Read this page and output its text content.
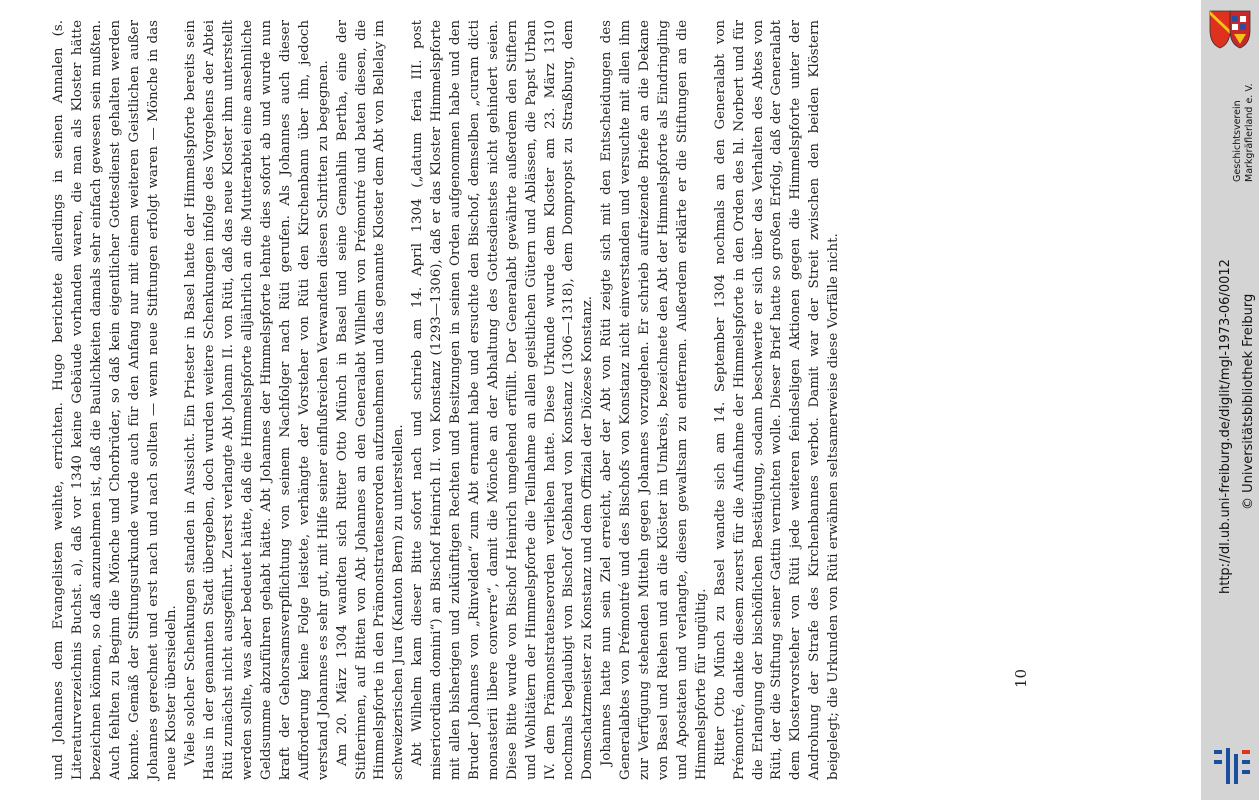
und Johannes dem Evangelisten weihte, errichten. Hugo berichtete allerdings in seinen Annalen (s. Literaturverzeichnis Buchst. a), daß vor 1340 keine Gebäude vorhanden waren, die man als Kloster hätte bezeichnen können, so daß anzunehmen ist, daß die Baulichkeiten damals sehr einfach gewesen sein mußten. Auch fehlten zu Beginn die Mönche und Chorbrüder, so daß kein eigentlicher Gottesdienst gehalten werden konnte. Gemäß der Stiftungsurkunde wurde auch für den Anfang nur mit einem weiteren Geistlichen außer Johannes gerechnet und erst nach und nach sollten — wenn neue Stiftungen erfolgt waren — Mönche in das neue Kloster übersiedeln. Viele solcher Schenkungen standen in Aussicht. Ein Priester in Basel hatte der Himmelspforte bereits sein Haus in der genannten Stadt übergeben, doch wurden weitere Schenkungen infolge des Vorgehens der Abtei Rüti zunächst nicht ausgeführt. Zuerst verlangte Abt Johann II. von Rüti, daß das neue Kloster ihm unterstellt werden sollte, was aber bedeutet hätte, daß die Himmelspforte alljährlich an die Mutterabtei eine ansehnliche Geldsumme abzuführen gehabt hätte. Abt Johannes der Himmelspforte lehnte dies sofort ab und wurde nun kraft der Gehorsamsverpflichtung von seinem Nachfolger nach Rüti gerufen. Als Johannes auch dieser Aufforderung keine Folge leistete, verhängte der Vorsteher von Rüti den Kirchenbann über ihn, jedoch verstand Johannes es sehr gut, mit Hilfe seiner einflußreichen Verwandten diesen Schritten zu begegnen. Am 20. März 1304 wandten sich Ritter Otto Münch in Basel und seine Gemahlin Bertha, eine der Stifterinnen, auf Bitten von Abt Johannes an den Generalabt Wilhelm von Prémontré und baten diesen, die Himmelspforte in den Prämonstratenserorden aufzunehmen und das genannte Kloster dem Abt von Bellelay im schweizerischen Jura (Kanton Bern) zu unterstellen. Abt Wilhelm kam dieser Bitte sofort nach und schrieb am 14. April 1304 („datum feria III. post misericordiam domini“) an Bischof Heinrich II. von Konstanz (1293—1306), daß er das Kloster Himmelspforte mit allen bisherigen und zukünftigen Rechten und Besitzungen in seinen Orden aufgenommen habe und den Bruder Johannes von „Rinvelden“ zum Abt ernannt habe und ersuchte den Bischof, demselben „curam dicti monasterii libere converre“, damit die Mönche an der Abhaltung des Gottesdienstes nicht gehindert seien. Diese Bitte wurde von Bischof Heinrich umgehend erfüllt. Der Generalabt gewährte außerdem den Stiftern und Wohltätern der Himmelspforte die Teilnahme an allen geistlichen Gütern und Ablässen, die Papst Urban IV. dem Prämonstratenserorden verliehen hatte. Diese Urkunde wurde dem Kloster am 23. März 1310 nochmals beglaubigt von Bischof Gebhard von Konstanz (1306—1318), dem Dompropst zu Straßburg, dem Domschatzmeister zu Konstanz und dem Offizial der Diözese Konstanz. Johannes hatte nun sein Ziel erreicht, aber der Abt von Rüti zeigte sich mit den Entscheidungen des Generalabtes von Prémontré und des Bischofs von Konstanz nicht einverstanden und versuchte mit allen ihm zur Verfügung stehenden Mitteln gegen Johannes vorzugehen. Er schrieb aufreizende Briefe an die Dekane von Basel und Riehen und an die Klöster im Umkreis, bezeichnete den Abt der Himmelspforte als Eindringling und Apostaten und verlangte, diesen gewaltsam zu entfernen. Außerdem erklärte er die Stiftungen an die Himmelspforte für ungültig. Ritter Otto Münch zu Basel wandte sich am 14. September 1304 nochmals an den Generalabt von Prémontré, dankte diesem zuerst für die Aufnahme der Himmelspforte in den Orden des hl. Norbert und für die Erlangung der bischöflichen Bestätigung, sodann beschwerte er sich über das Verhalten des Abtes von Rüti, der die Stiftung seiner Gattin vernichten wolle. Dieser Brief hatte so großen Erfolg, daß der Generalabt dem Klostervorsteher von Rüti jede weiteren feindseligen Aktionen gegen die Himmelspforte unter der Androhung der Strafe des Kirchenbannes verbot. Damit war der Streit zwischen den beiden Klöstern beigelegt; die Urkunden von Rüti erwähnen seltsamerweise diese Vorfälle nicht.	10
http://dl.ub.uni-freiburg.de/diglit/mgl-1973-06/0012 © Universitätsbibliothek Freiburg
Geschichtsverein Markgräflerland e. V.
